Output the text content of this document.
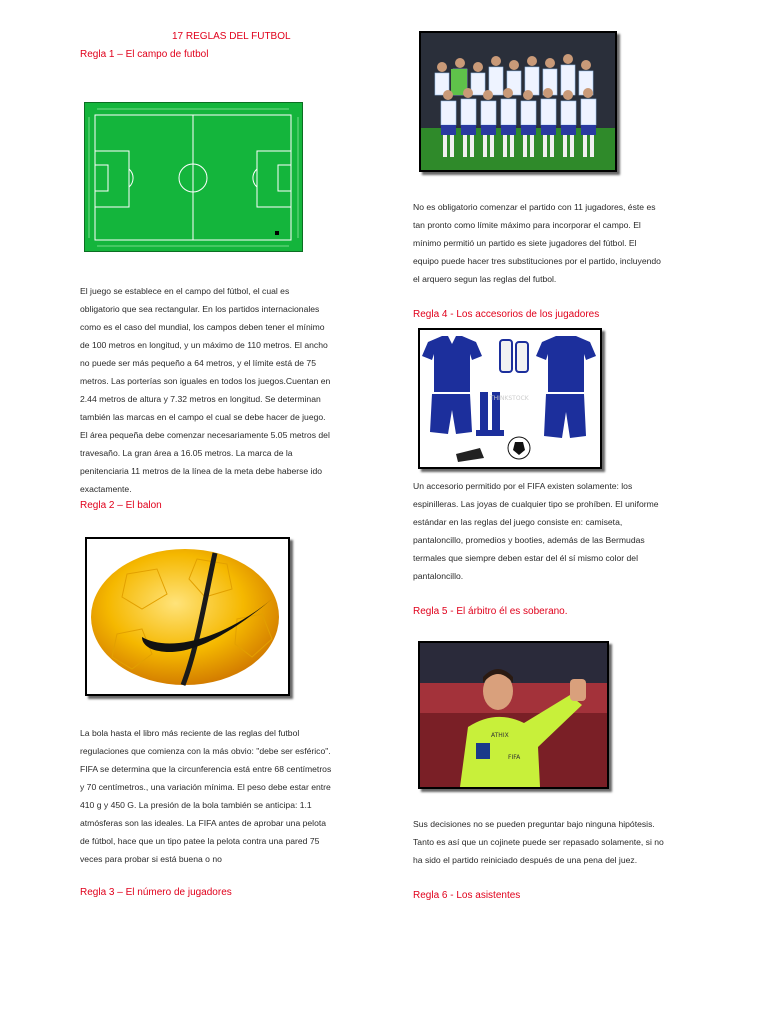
17 REGLAS DEL FUTBOL
Regla 1 – El campo de futbol
El juego se establece en el campo del fútbol, el cual es
obligatorio que sea rectangular. En los partidos internacionales
como es el caso del mundial, los campos deben tener el mínimo
de 100 metros en longitud, y un máximo de 110 metros. El ancho
no puede ser más pequeño a 64 metros, y el límite está de 75
metros. Las porterías son iguales en todos los juegos.Cuentan en
2.44 metros de altura y 7.32 metros en longitud. Se determinan
también las marcas en el campo el cual se debe hacer de juego.
El área pequeña debe comenzar necesariamente 5.05 metros del
travesaño. La gran área a 16.05 metros. La marca de la
penitenciaria 11 metros de la línea de la meta debe haberse ido
exactamente.
Regla 2 – El balon
La bola hasta el libro más reciente de las reglas del futbol
regulaciones que comienza con la más obvio: "debe ser esférico".
FIFA se determina que la circunferencia está entre 68 centímetros
y 70 centímetros., una variación mínima. El peso debe estar entre
410 g y 450 G. La presión de la bola también se anticipa: 1.1
atmósferas son las ideales. La FIFA antes de aprobar una pelota
de fútbol, hace que un tipo patee la pelota contra una pared 75
veces para probar si está buena o no
Regla 3 – El número de jugadores
No es obligatorio comenzar el partido con 11 jugadores, éste es
tan pronto como límite máximo para incorporar el campo. El
mínimo permitió un partido es siete jugadores del fútbol. El
equipo puede hacer tres substituciones por el partido, incluyendo
el arquero segun las reglas del futbol.
Regla 4 - Los accesorios de los jugadores
THINKSTOCK
Un accesorio permitido por el FIFA existen solamente: los
espinilleras. Las joyas de cualquier tipo se prohíben. El uniforme
estándar en las reglas del juego consiste en: camiseta,
pantaloncillo, promedios y booties, además de las Bermudas
termales que siempre deben estar del él sí mismo color del
pantaloncillo.
Regla 5 - El árbitro él es soberano.
ATHIX
FIFA
Sus decisiones no se pueden preguntar bajo ninguna hipótesis.
Tanto es así que un cojinete puede ser repasado solamente, si no
ha sido el partido reiniciado después de una pena del juez.
Regla 6 - Los asistentes
